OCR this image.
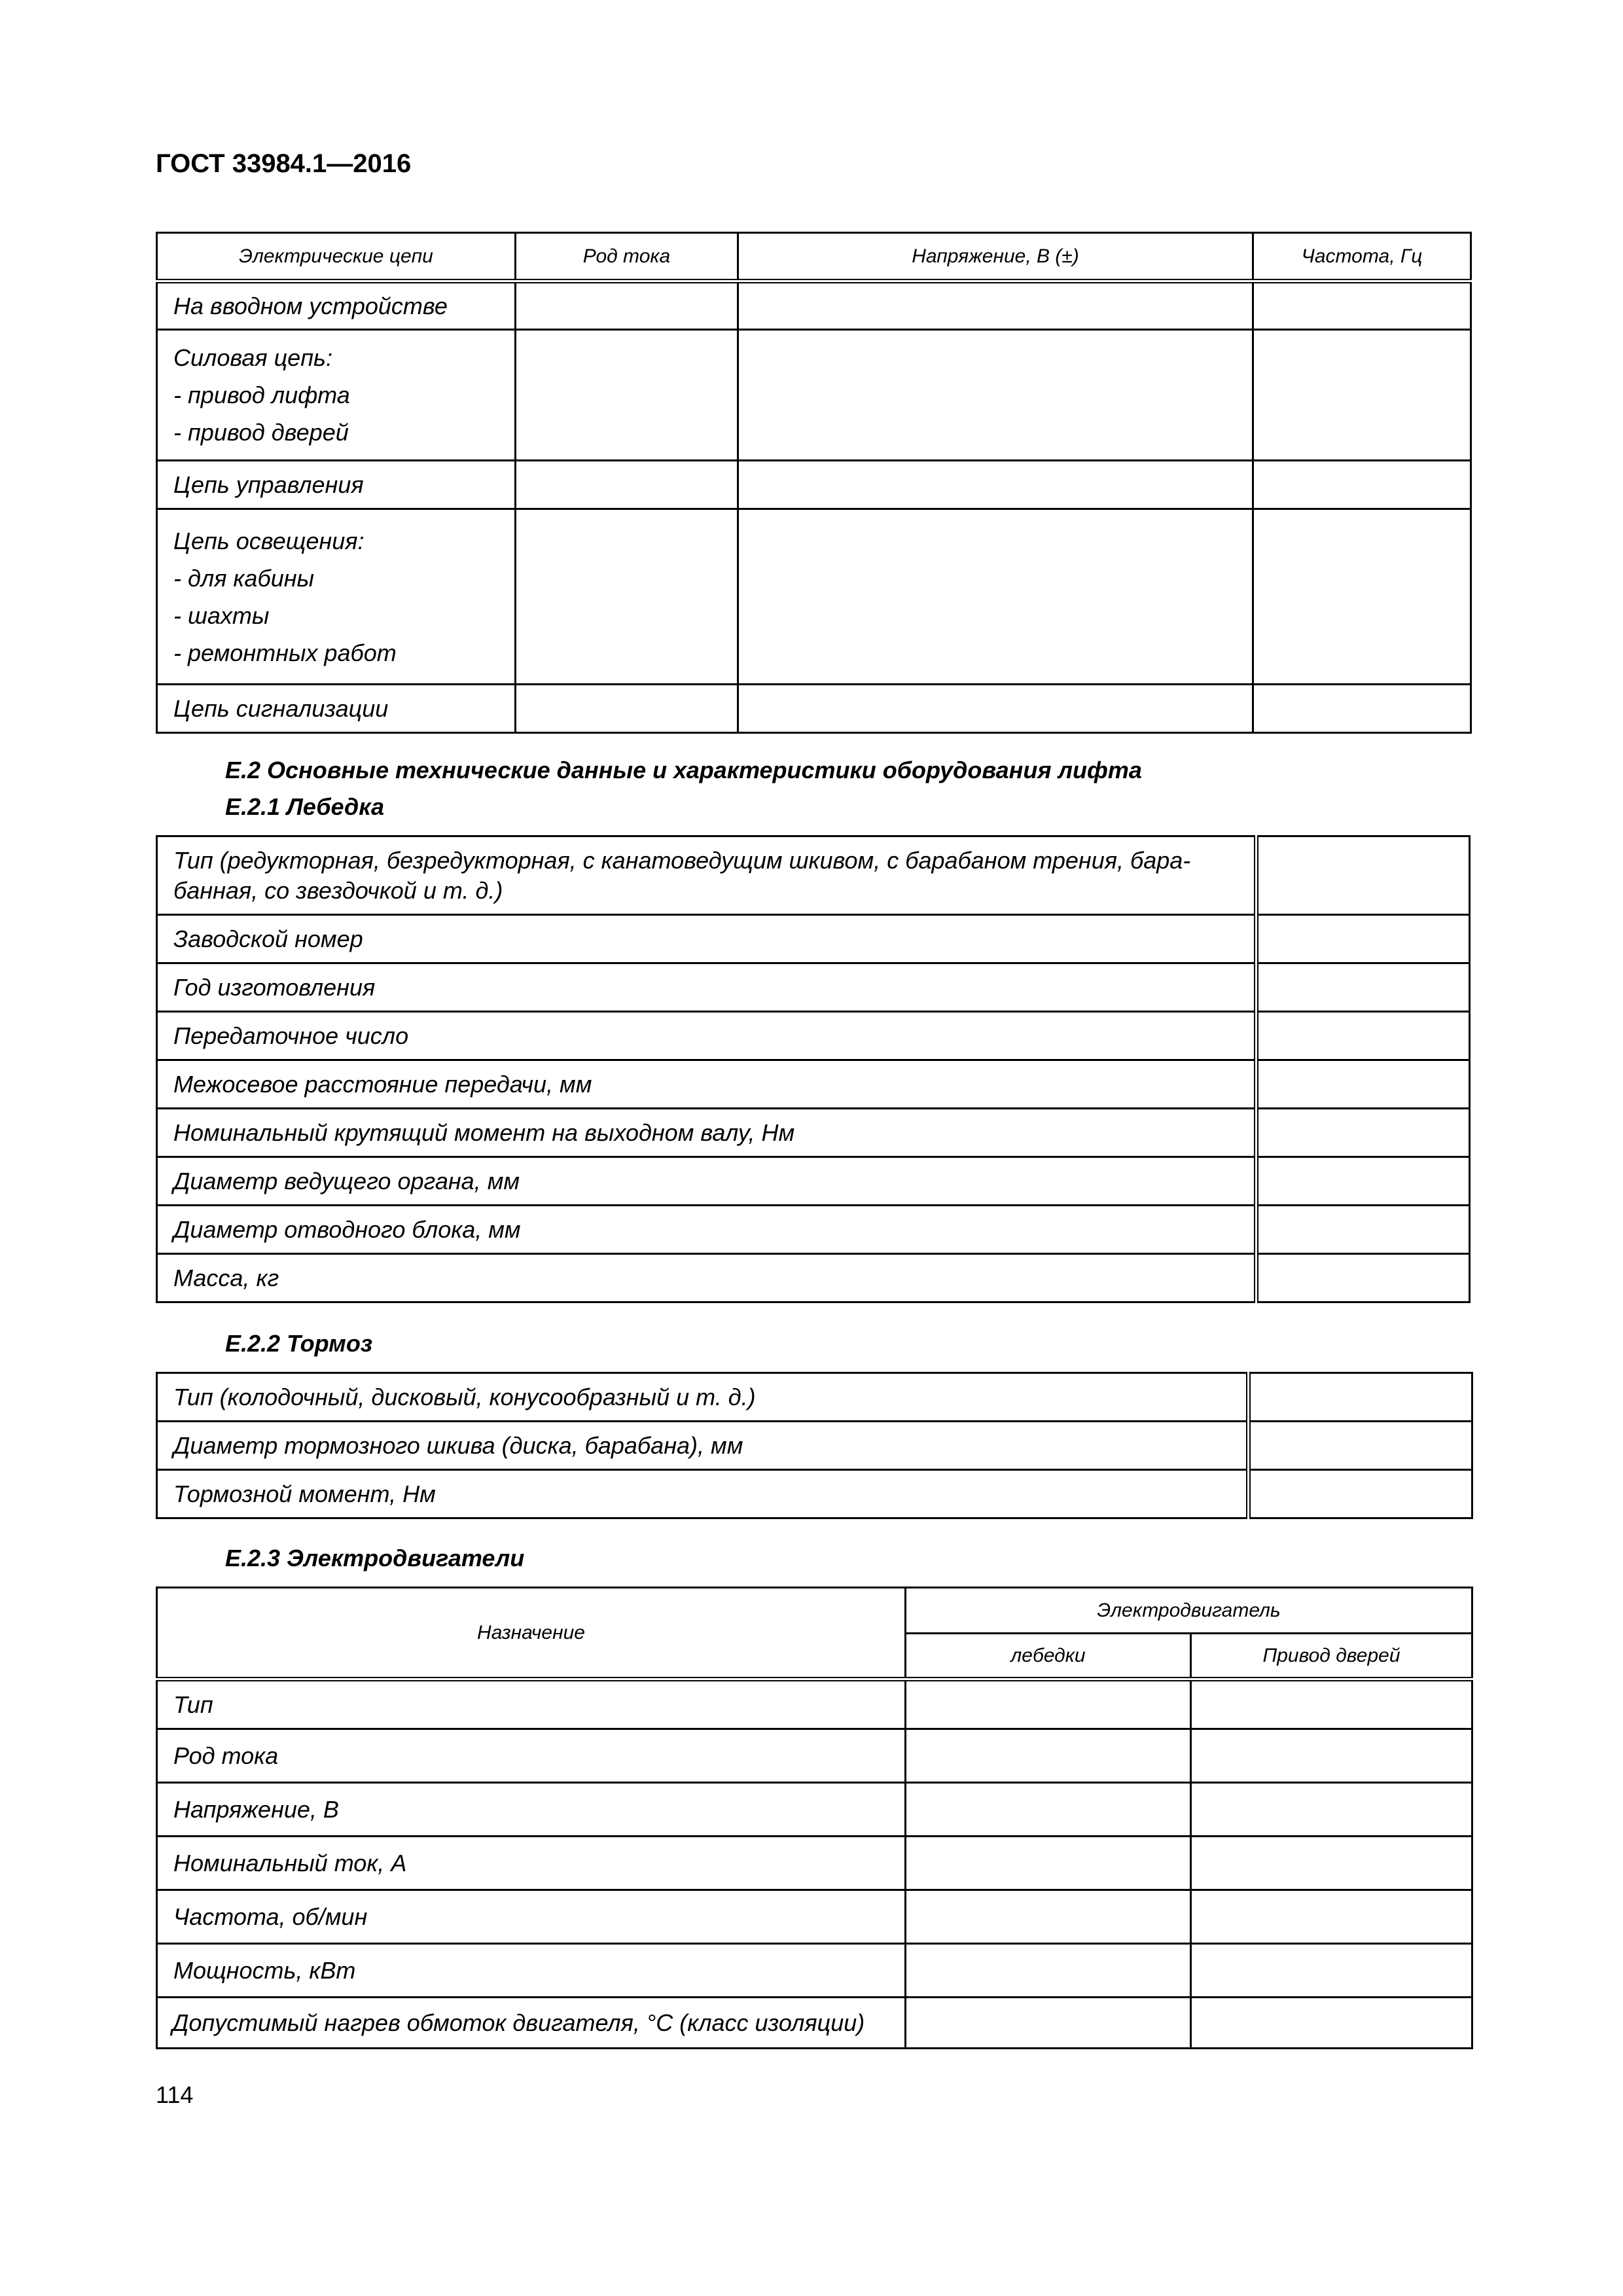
ГОСТ 33984.1—2016
Электрические цепи	Род тока	Напряжение, В (±)	Частота, Гц
На вводном устройстве			

Силовая цепь:
- привод лифта
- привод дверей			

Цепь управления			

Цепь освещения:
- для кабины
- шахты
- ремонтных работ			

Цепь сигнализации			
Е.2 Основные технические данные и характеристики оборудования лифта
Е.2.1 Лебедка
Тип (редукторная, безредукторная, с канатоведущим шкивом, с барабаном трения, бара-
банная, со звездочкой и т. д.)	

Заводской номер	
Год изготовления	
Передаточное число	
Межосевое расстояние передачи, мм	
Номинальный крутящий момент на выходном валу, Нм	
Диаметр ведущего органа, мм	
Диаметр отводного блока, мм	
Масса, кг	
Е.2.2 Тормоз
Тип (колодочный, дисковый, конусообразный и т. д.)	
Диаметр тормозного шкива (диска, барабана), мм	
Тормозной момент, Нм	
Е.2.3 Электродвигатели
Назначение	Электродвигатель	
	лебедки	Привод дверей
Тип		
Род тока		
Напряжение, В		
Номинальный ток, А		
Частота, об/мин		
Мощность, кВт		
Допустимый нагрев обмоток двигателя, °С (класс изоляции)		
114
